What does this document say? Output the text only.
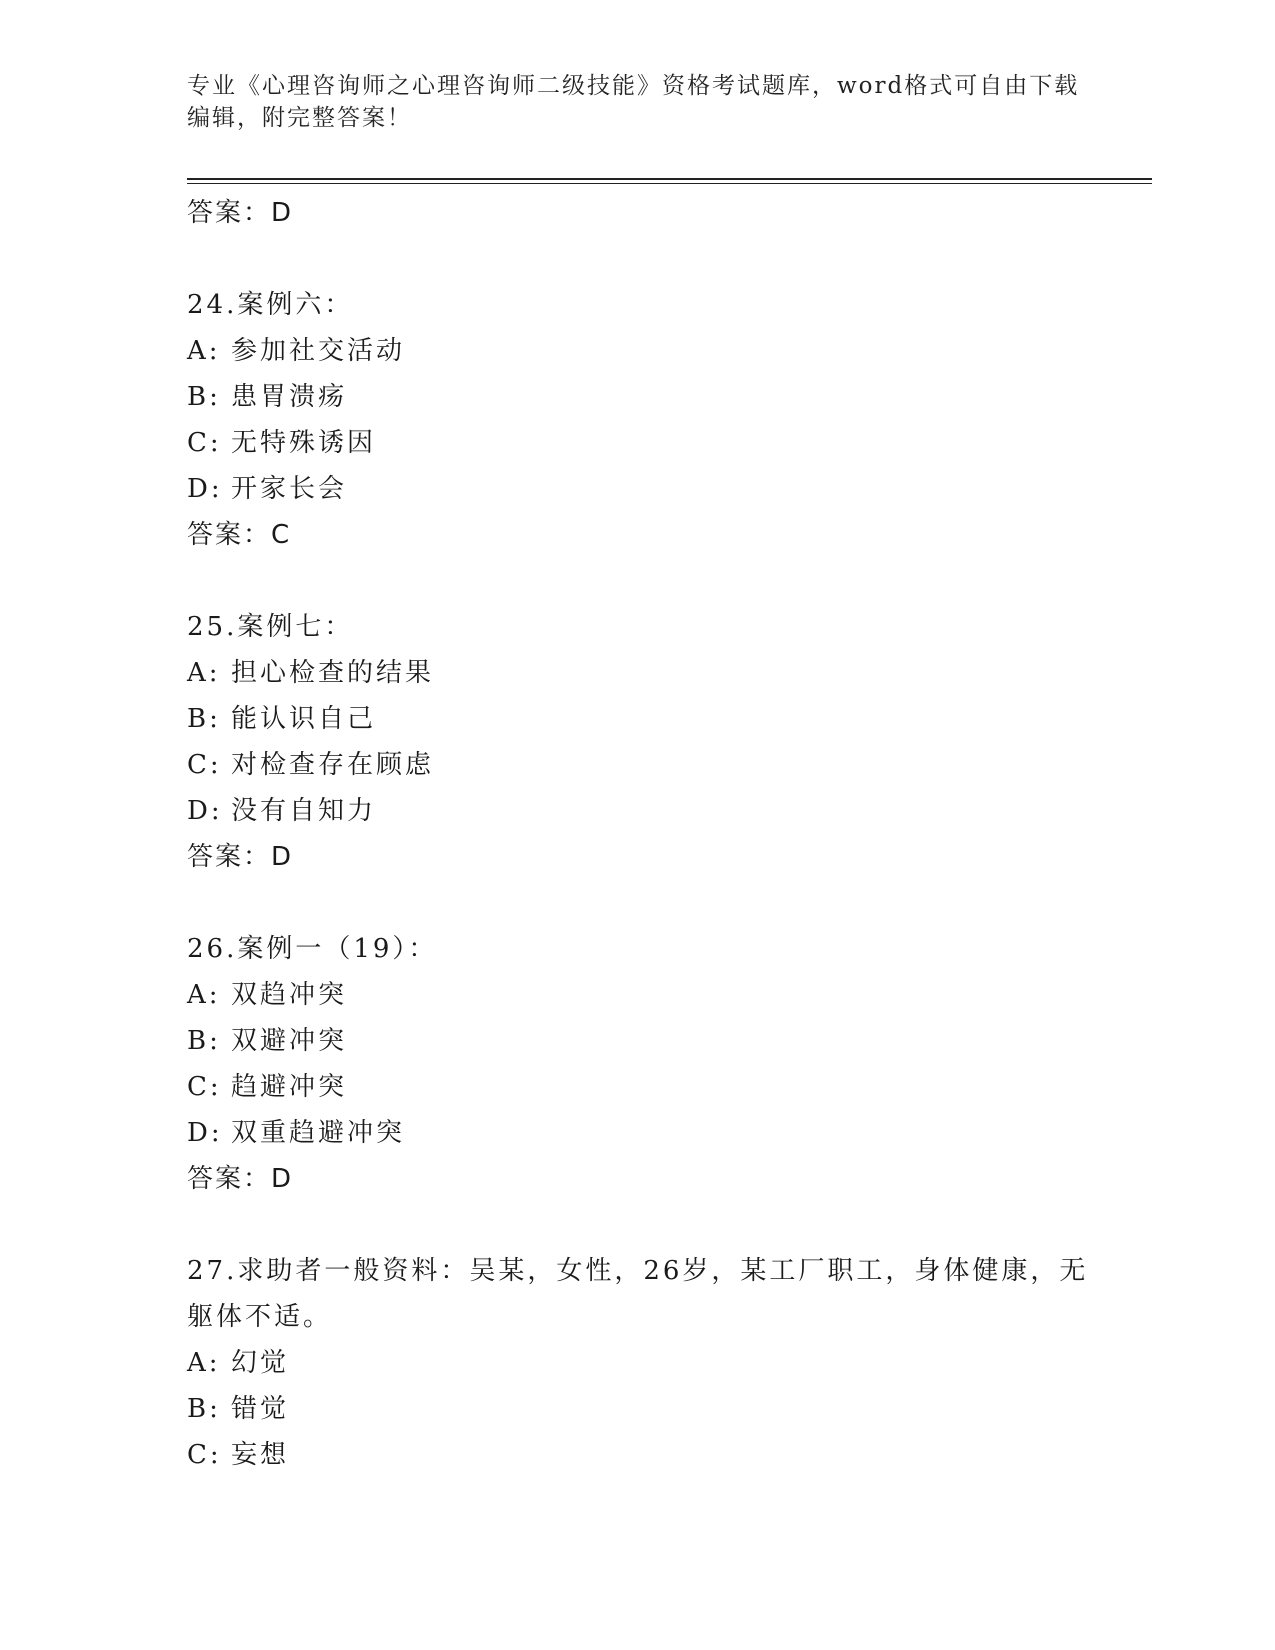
专业《心理咨询师之心理咨询师二级技能》资格考试题库，word格式可自由下载
编辑，附完整答案！
答案：D
24.案例六：
A: 参加社交活动
B: 患胃溃疡
C: 无特殊诱因
D: 开家长会
答案：C
25.案例七：
A: 担心检查的结果
B: 能认识自己
C: 对检查存在顾虑
D: 没有自知力
答案：D
26.案例一（19）：
A: 双趋冲突
B: 双避冲突
C: 趋避冲突
D: 双重趋避冲突
答案：D
27.求助者一般资料：吴某，女性，26岁，某工厂职工，身体健康，无
躯体不适。
A: 幻觉
B: 错觉
C: 妄想
